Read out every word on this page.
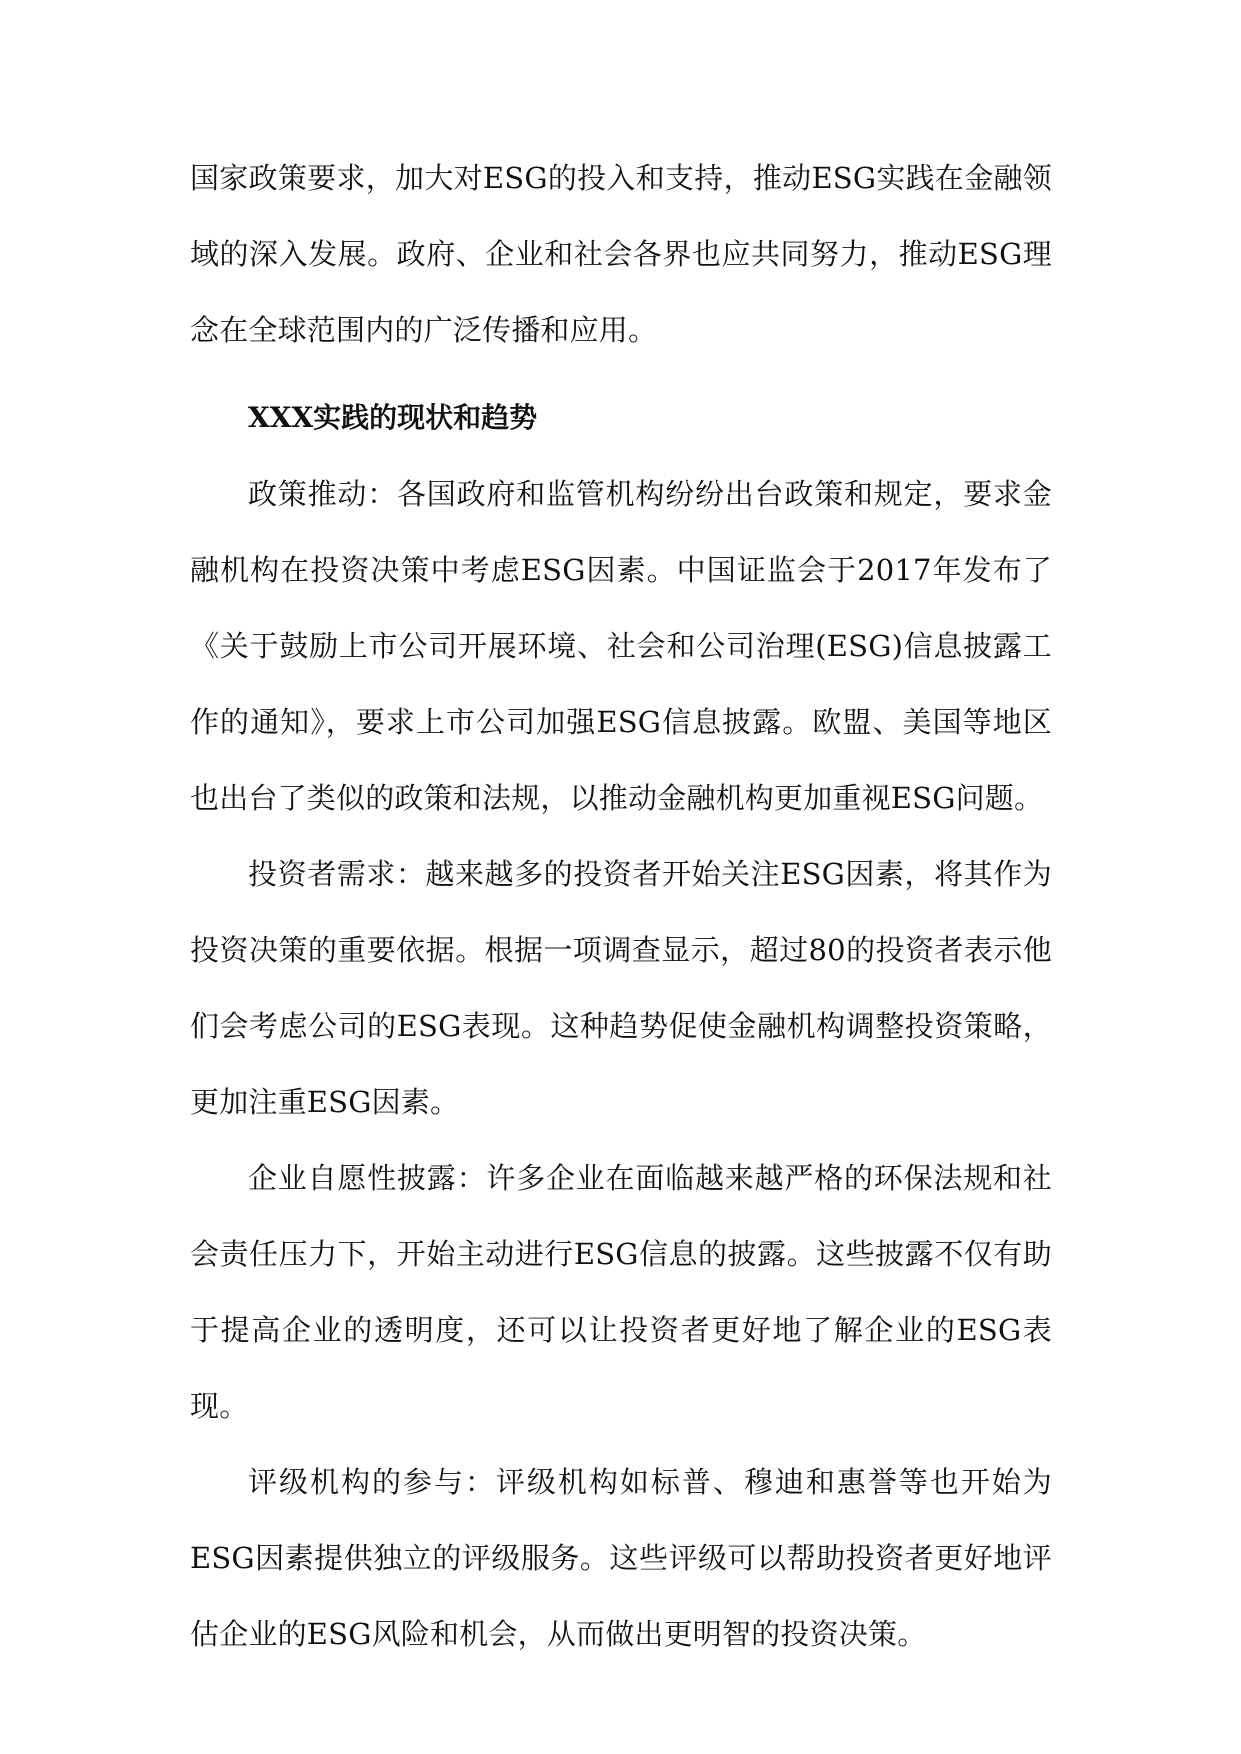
国家政策要求，加大对ESG的投入和支持，推动ESG实践在金融领域的深入发展。政府、企业和社会各界也应共同努力，推动ESG理念在全球范围内的广泛传播和应用。

XXX实践的现状和趋势

政策推动：各国政府和监管机构纷纷出台政策和规定，要求金融机构在投资决策中考虑ESG因素。中国证监会于2017年发布了《关于鼓励上市公司开展环境、社会和公司治理(ESG)信息披露工作的通知》，要求上市公司加强ESG信息披露。欧盟、美国等地区也出台了类似的政策和法规，以推动金融机构更加重视ESG问题。

投资者需求：越来越多的投资者开始关注ESG因素，将其作为投资决策的重要依据。根据一项调查显示，超过80的投资者表示他们会考虑公司的ESG表现。这种趋势促使金融机构调整投资策略，更加注重ESG因素。

企业自愿性披露：许多企业在面临越来越严格的环保法规和社会责任压力下，开始主动进行ESG信息的披露。这些披露不仅有助于提高企业的透明度，还可以让投资者更好地了解企业的ESG表现。

评级机构的参与：评级机构如标普、穆迪和惠誉等也开始为ESG因素提供独立的评级服务。这些评级可以帮助投资者更好地评估企业的ESG风险和机会，从而做出更明智的投资决策。
